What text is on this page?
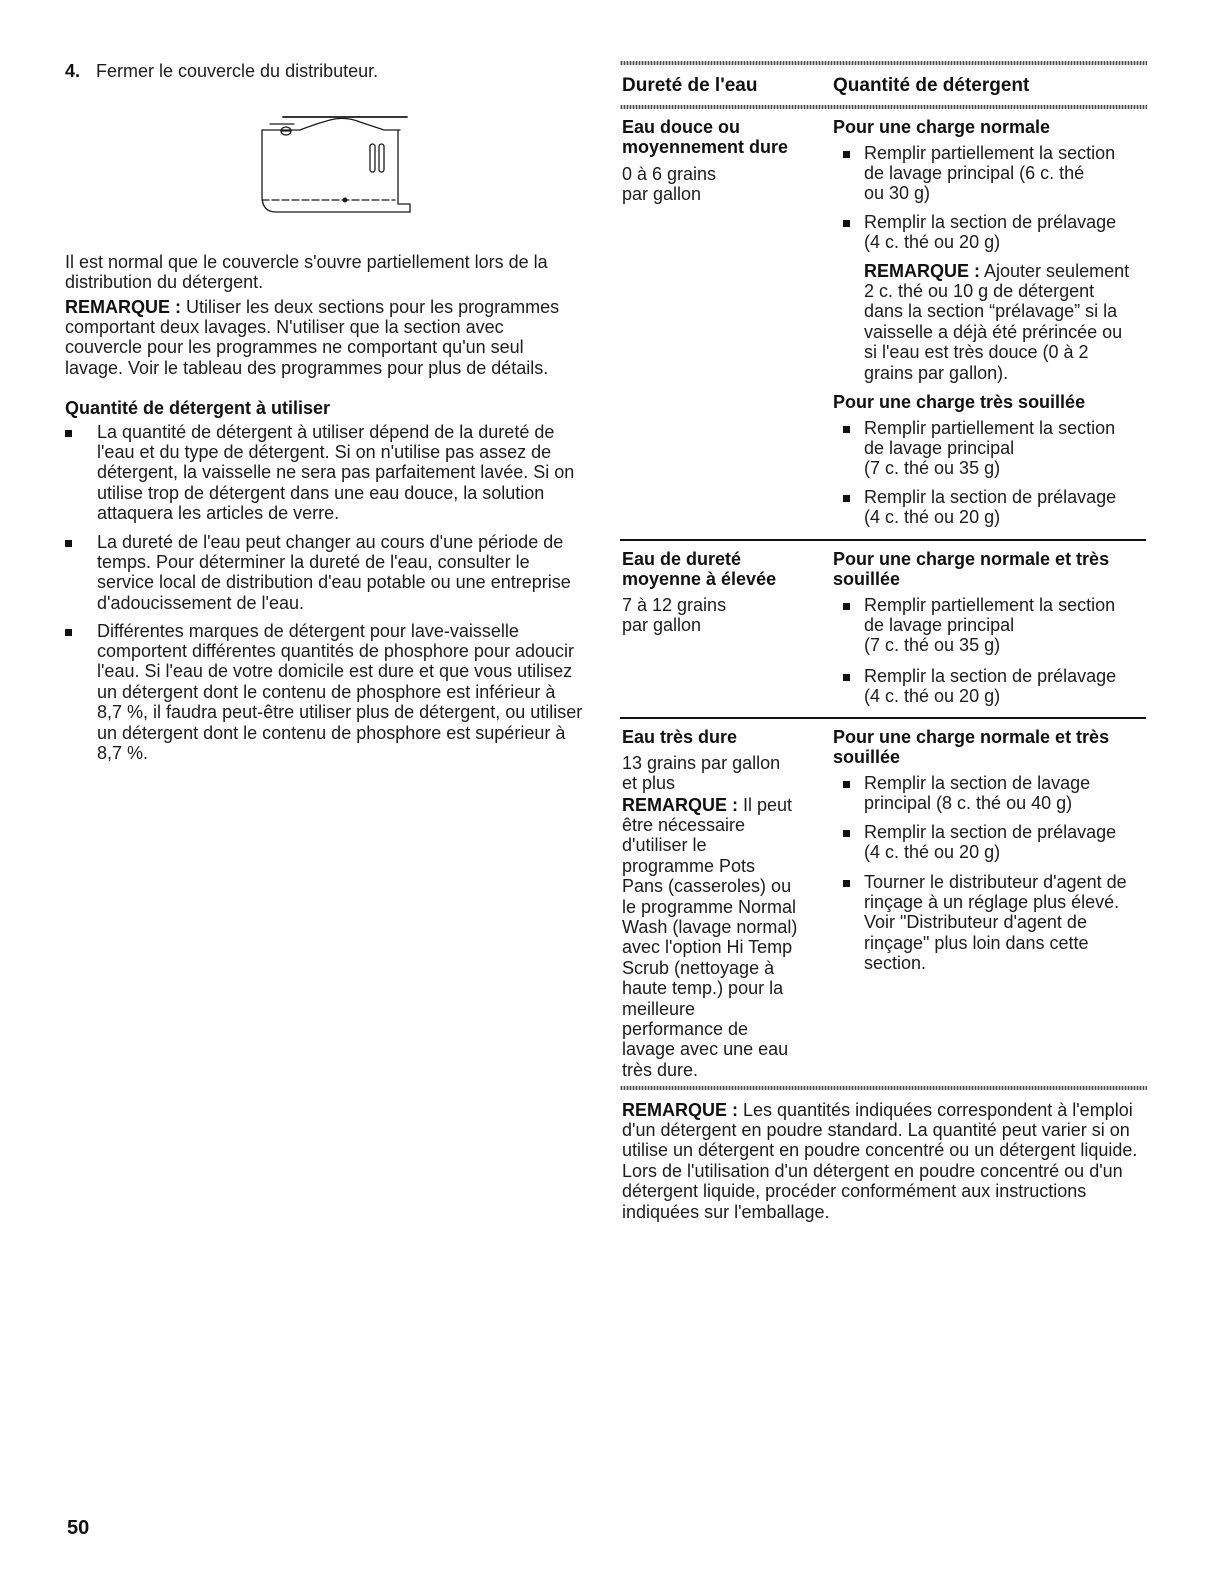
4. Fermer le couvercle du distributeur.
Il est normal que le couvercle s'ouvre partiellement lors de la
distribution du détergent.
REMARQUE : Utiliser les deux sections pour les programmes
comportant deux lavages. N'utiliser que la section avec
couvercle pour les programmes ne comportant qu'un seul
lavage. Voir le tableau des programmes pour plus de détails.
Quantité de détergent à utiliser
La quantité de détergent à utiliser dépend de la dureté de
l'eau et du type de détergent. Si on n'utilise pas assez de
détergent, la vaisselle ne sera pas parfaitement lavée. Si on
utilise trop de détergent dans une eau douce, la solution
attaquera les articles de verre.
La dureté de l'eau peut changer au cours d'une période de
temps. Pour déterminer la dureté de l'eau, consulter le
service local de distribution d'eau potable ou une entreprise
d'adoucissement de l'eau.
Différentes marques de détergent pour lave-vaisselle
comportent différentes quantités de phosphore pour adoucir
l'eau. Si l'eau de votre domicile est dure et que vous utilisez
un détergent dont le contenu de phosphore est inférieur à
8,7 %, il faudra peut-être utiliser plus de détergent, ou utiliser
un détergent dont le contenu de phosphore est supérieur à
8,7 %.
50
Dureté de l'eau	Quantité de détergent
Eau douce ou
moyennement dure
0 à 6 grains
par gallon
Pour une charge normale
Remplir partiellement la section
de lavage principal (6 c. thé
ou 30 g)
Remplir la section de prélavage
(4 c. thé ou 20 g)
REMARQUE : Ajouter seulement
2 c. thé ou 10 g de détergent
dans la section “prélavage” si la
vaisselle a déjà été prérincée ou
si l'eau est très douce (0 à 2
grains par gallon).
Pour une charge très souillée
Remplir partiellement la section
de lavage principal
(7 c. thé ou 35 g)
Remplir la section de prélavage
(4 c. thé ou 20 g)
Eau de dureté
moyenne à élevée
7 à 12 grains
par gallon
Pour une charge normale et très
souillée
Remplir partiellement la section
de lavage principal
(7 c. thé ou 35 g)
Remplir la section de prélavage
(4 c. thé ou 20 g)
Eau très dure
13 grains par gallon
et plus
REMARQUE : Il peut
être nécessaire
d'utiliser le
programme Pots
Pans (casseroles) ou
le programme Normal
Wash (lavage normal)
avec l'option Hi Temp
Scrub (nettoyage à
haute temp.) pour la
meilleure
performance de
lavage avec une eau
très dure.
Pour une charge normale et très
souillée
Remplir la section de lavage
principal (8 c. thé ou 40 g)
Remplir la section de prélavage
(4 c. thé ou 20 g)
Tourner le distributeur d'agent de
rinçage à un réglage plus élevé.
Voir "Distributeur d'agent de
rinçage" plus loin dans cette
section.
REMARQUE : Les quantités indiquées correspondent à l'emploi
d'un détergent en poudre standard. La quantité peut varier si on
utilise un détergent en poudre concentré ou un détergent liquide.
Lors de l'utilisation d'un détergent en poudre concentré ou d'un
détergent liquide, procéder conformément aux instructions
indiquées sur l'emballage.
